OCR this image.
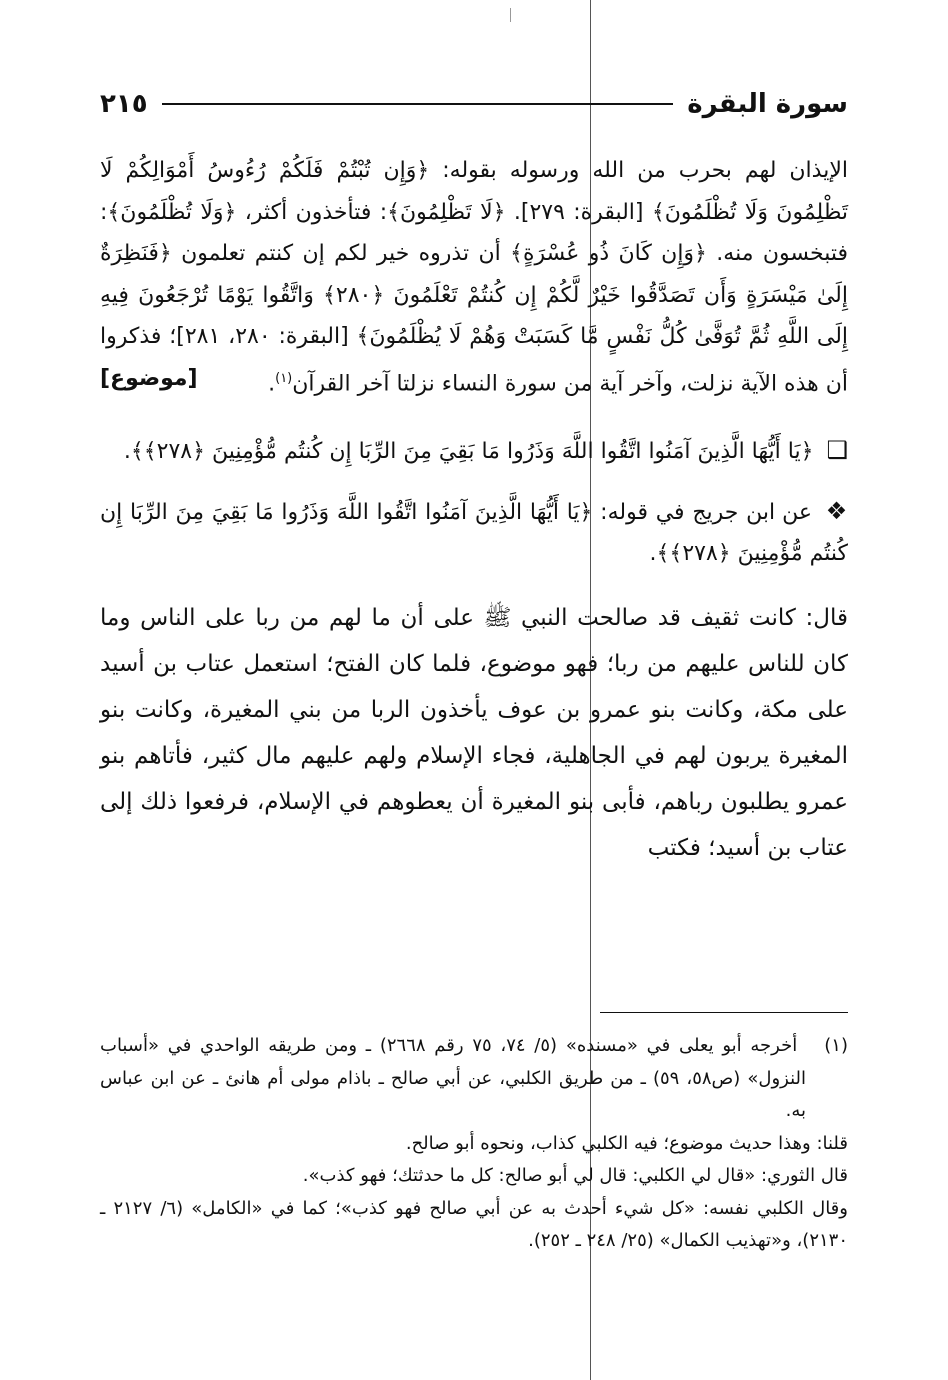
سورة البقرة
٢١٥

الإيذان لهم بحرب من الله ورسوله بقوله: ﴿وَإِن تُبْتُمْ فَلَكُمْ رُءُوسُ أَمْوَالِكُمْ لَا تَظْلِمُونَ وَلَا تُظْلَمُونَ﴾ [البقرة: ٢٧٩]. ﴿لَا تَظْلِمُونَ﴾: فتأخذون أكثر، ﴿وَلَا تُظْلَمُونَ﴾: فتبخسون منه. ﴿وَإِن كَانَ ذُو عُسْرَةٍ﴾ أن تذروه خير لكم إن كنتم تعلمون ﴿فَنَظِرَةٌ إِلَىٰ مَيْسَرَةٍ وَأَن تَصَدَّقُوا خَيْرٌ لَّكُمْ إِن كُنتُمْ تَعْلَمُونَ ﴿٢٨٠﴾ وَاتَّقُوا يَوْمًا تُرْجَعُونَ فِيهِ إِلَى اللَّهِ ثُمَّ تُوَفَّىٰ كُلُّ نَفْسٍ مَّا كَسَبَتْ وَهُمْ لَا يُظْلَمُونَ﴾ [البقرة: ٢٨٠، ٢٨١]؛ فذكروا أن هذه الآية نزلت، وآخر آية من سورة النساء نزلتا آخر القرآن$^{(١)}$.
[موضوع]

❑ ﴿يَا أَيُّهَا الَّذِينَ آمَنُوا اتَّقُوا اللَّهَ وَذَرُوا مَا بَقِيَ مِنَ الرِّبَا إِن كُنتُم مُّؤْمِنِينَ ﴿٢٧٨﴾﴾.

❖ عن ابن جريج في قوله: ﴿يَا أَيُّهَا الَّذِينَ آمَنُوا اتَّقُوا اللَّهَ وَذَرُوا مَا بَقِيَ مِنَ الرِّبَا إِن كُنتُم مُّؤْمِنِينَ ﴿٢٧٨﴾﴾.

قال: كانت ثقيف قد صالحت النبي ﷺ على أن ما لهم من ربا على الناس وما كان للناس عليهم من ربا؛ فهو موضوع، فلما كان الفتح؛ استعمل عتاب بن أسيد على مكة، وكانت بنو عمرو بن عوف يأخذون الربا من بني المغيرة، وكانت بنو المغيرة يربون لهم في الجاهلية، فجاء الإسلام ولهم عليهم مال كثير، فأتاهم بنو عمرو يطلبون رباهم، فأبى بنو المغيرة أن يعطوهم في الإسلام، فرفعوا ذلك إلى عتاب بن أسيد؛ فكتب

(١) أخرجه أبو يعلى في «مسنده» (٥/ ٧٤، ٧٥ رقم ٢٦٦٨) ـ ومن طريقه الواحدي في «أسباب النزول» (ص٥٨، ٥٩) ـ من طريق الكلبي، عن أبي صالح ـ باذام مولى أم هانئ ـ عن ابن عباس به.

قلنا: وهذا حديث موضوع؛ فيه الكلبي كذاب، ونحوه أبو صالح.

قال الثوري: «قال لي الكلبي: قال لي أبو صالح: كل ما حدثتك؛ فهو كذب».

وقال الكلبي نفسه: «كل شيء أحدث به عن أبي صالح فهو كذب»؛ كما في «الكامل» (٦/ ٢١٢٧ ـ ٢١٣٠)، و«تهذيب الكمال» (٢٥/ ٢٤٨ ـ ٢٥٢).
